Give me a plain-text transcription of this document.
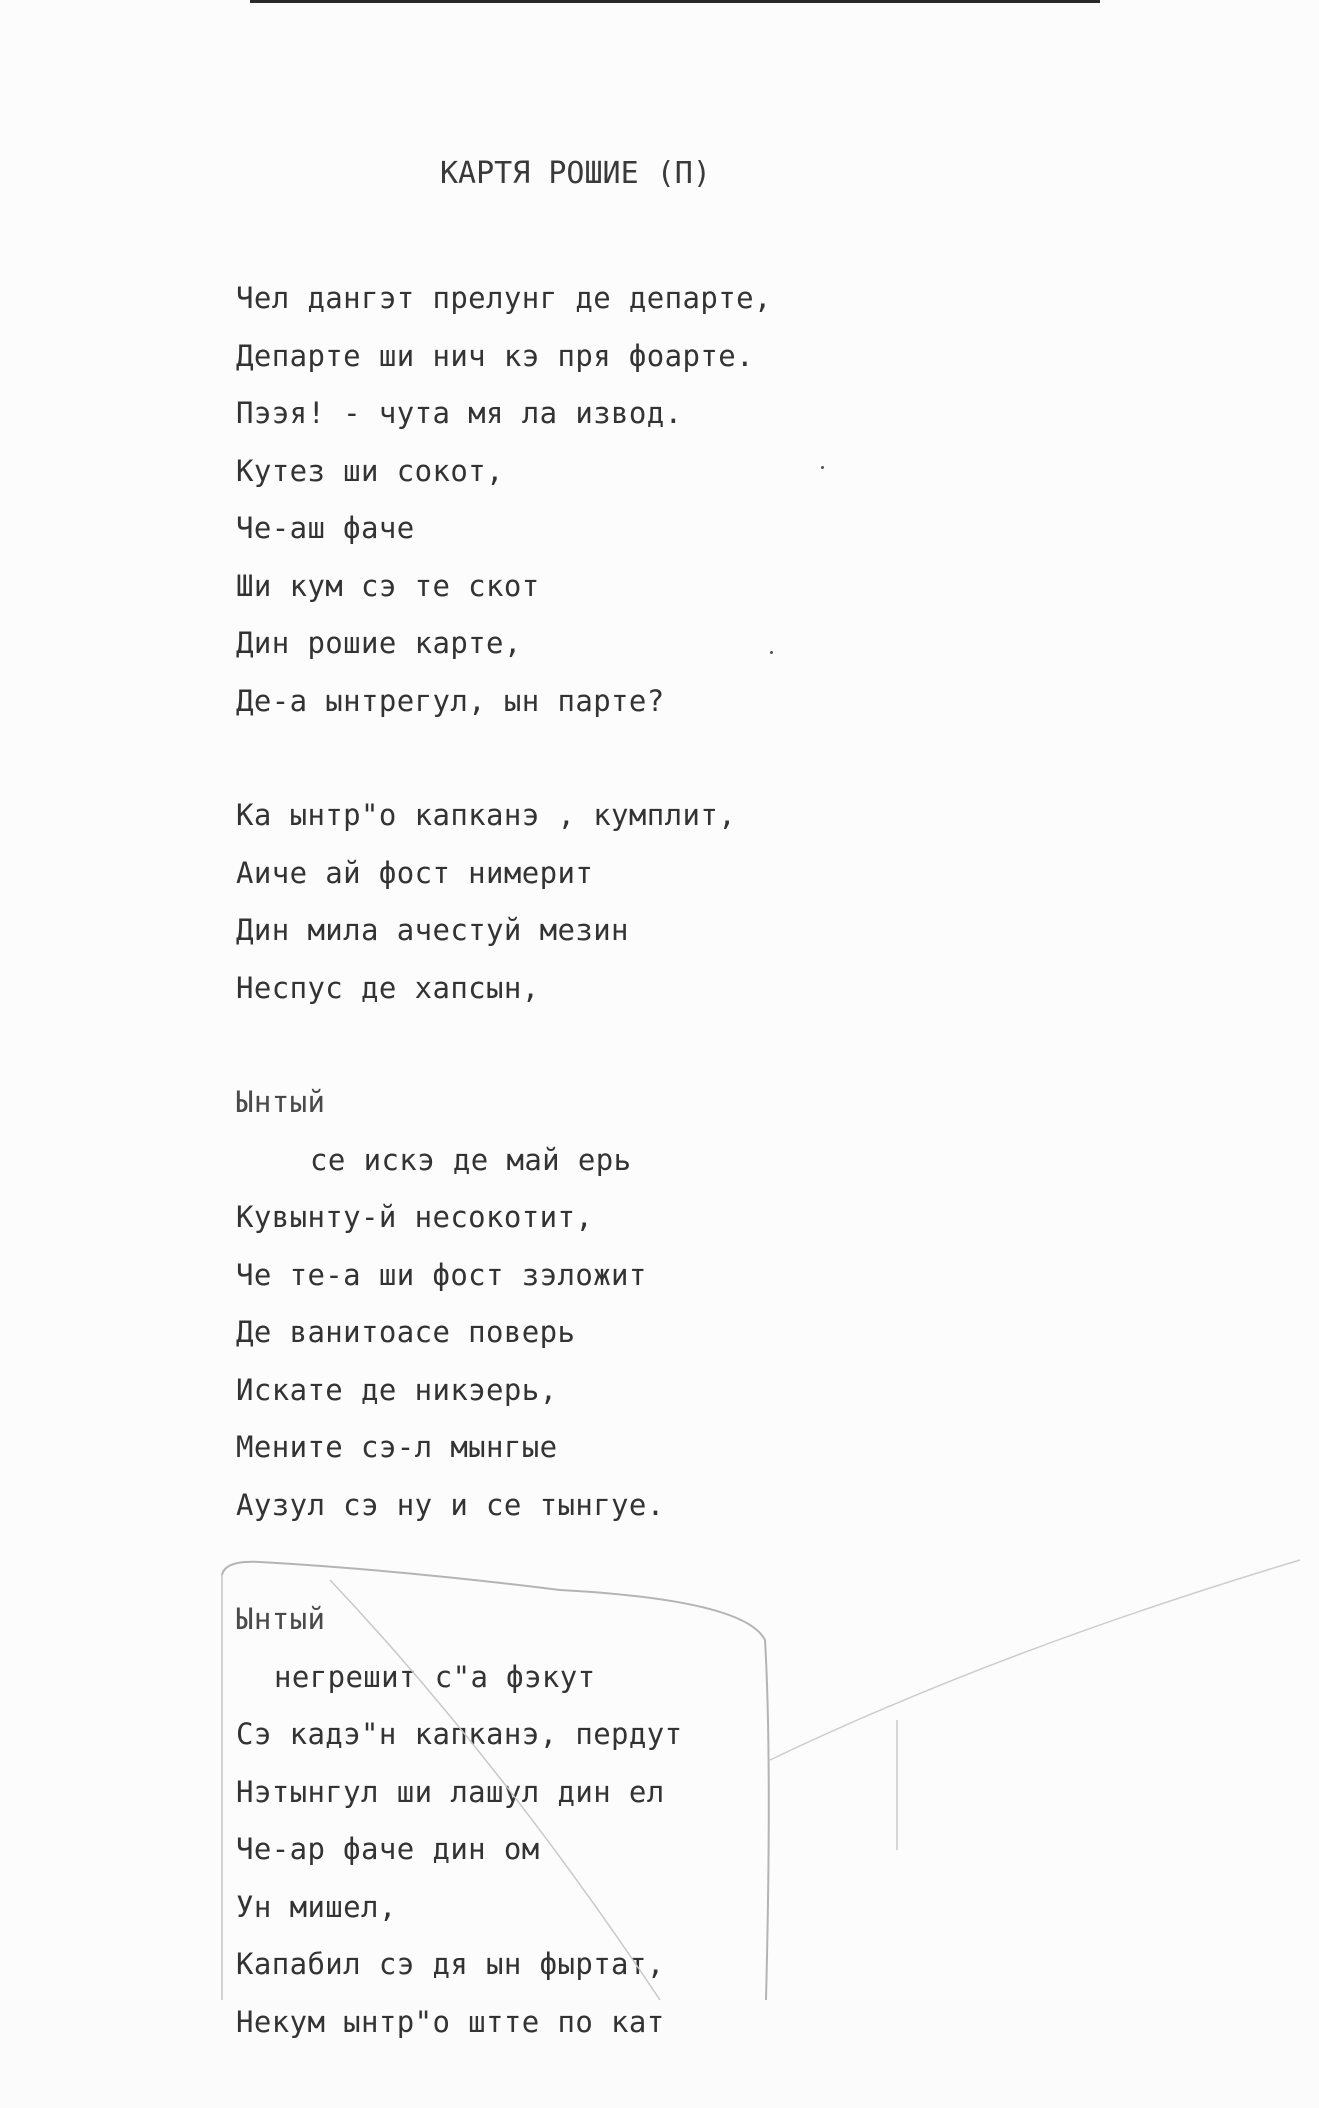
КАРТЯ РОШИЕ (П)
Чел дангэт прелунг де департе,
Департе ши нич кэ пря фоарте.
Пээя! - чута мя ла извод.
Кутез ши сокот,
Че-аш фаче
Ши кум сэ те скот
Дин рошие карте,
Де-а ынтрегул, ын парте?
Ка ынтр"о капканэ , кумплит,
Аиче ай фост нимерит
Дин мила ачестуй мезин
Неспус де хапсын,
Ынтый
се искэ де май ерь
Кувынту-й несокотит,
Че те-а ши фост зэложит
Де ванитоасе поверь
Искате де никэерь,
Мените сэ-л мынгые
Аузул сэ ну и се тынгуе.
Ынтый
негрешит с"а фэкут
Сэ кадэ"н капканэ, пердут
Нэтынгул ши лашул дин ел
Че-ар фаче дин ом
Ун мишел,
Капабил сэ дя ын фыртат,
Некум ынтр"о штте по кат
